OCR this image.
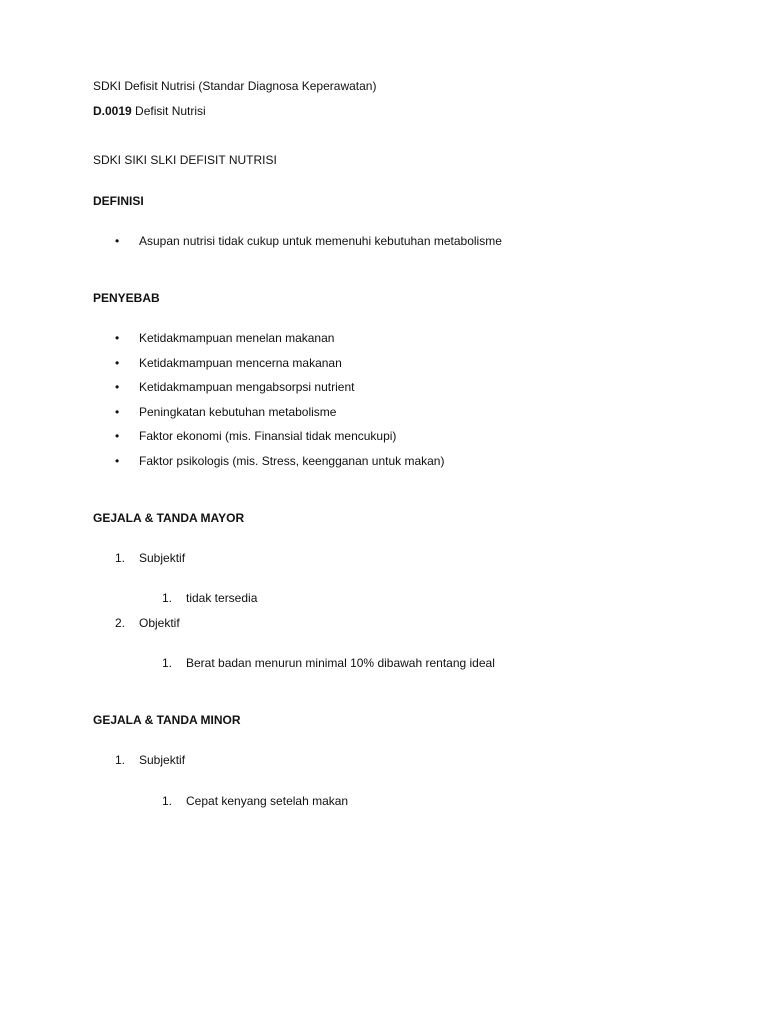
SDKI Defisit Nutrisi (Standar Diagnosa Keperawatan)
D.0019 Defisit Nutrisi
SDKI SIKI SLKI DEFISIT NUTRISI
DEFINISI
• Asupan nutrisi tidak cukup untuk memenuhi kebutuhan metabolisme
PENYEBAB
• Ketidakmampuan menelan makanan
• Ketidakmampuan mencerna makanan
• Ketidakmampuan mengabsorpsi nutrient
• Peningkatan kebutuhan metabolisme
• Faktor ekonomi (mis. Finansial tidak mencukupi)
• Faktor psikologis (mis. Stress, keengganan untuk makan)
GEJALA & TANDA MAYOR
1. Subjektif
1. tidak tersedia
2. Objektif
1. Berat badan menurun minimal 10% dibawah rentang ideal
GEJALA & TANDA MINOR
1. Subjektif
1. Cepat kenyang setelah makan
